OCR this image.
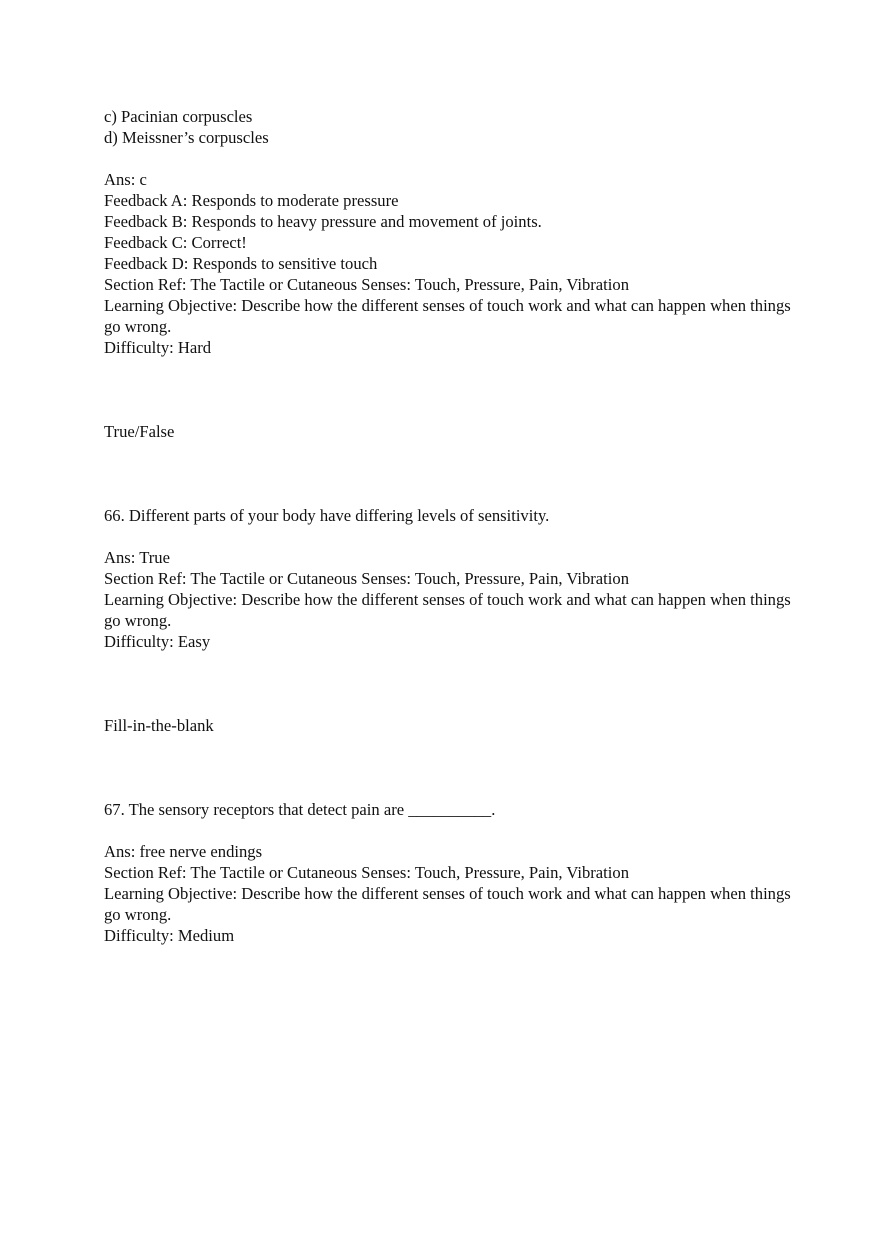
c) Pacinian corpuscles
d) Meissner’s corpuscles
Ans: c
Feedback A: Responds to moderate pressure
Feedback B: Responds to heavy pressure and movement of joints.
Feedback C: Correct!
Feedback D: Responds to sensitive touch
Section Ref: The Tactile or Cutaneous Senses: Touch, Pressure, Pain, Vibration
Learning Objective: Describe how the different senses of touch work and what can happen when things go wrong.
Difficulty: Hard
True/False
66. Different parts of your body have differing levels of sensitivity.
Ans: True
Section Ref: The Tactile or Cutaneous Senses: Touch, Pressure, Pain, Vibration
Learning Objective: Describe how the different senses of touch work and what can happen when things go wrong.
Difficulty: Easy
Fill-in-the-blank
67. The sensory receptors that detect pain are __________.
Ans: free nerve endings
Section Ref: The Tactile or Cutaneous Senses: Touch, Pressure, Pain, Vibration
Learning Objective: Describe how the different senses of touch work and what can happen when things go wrong.
Difficulty: Medium
